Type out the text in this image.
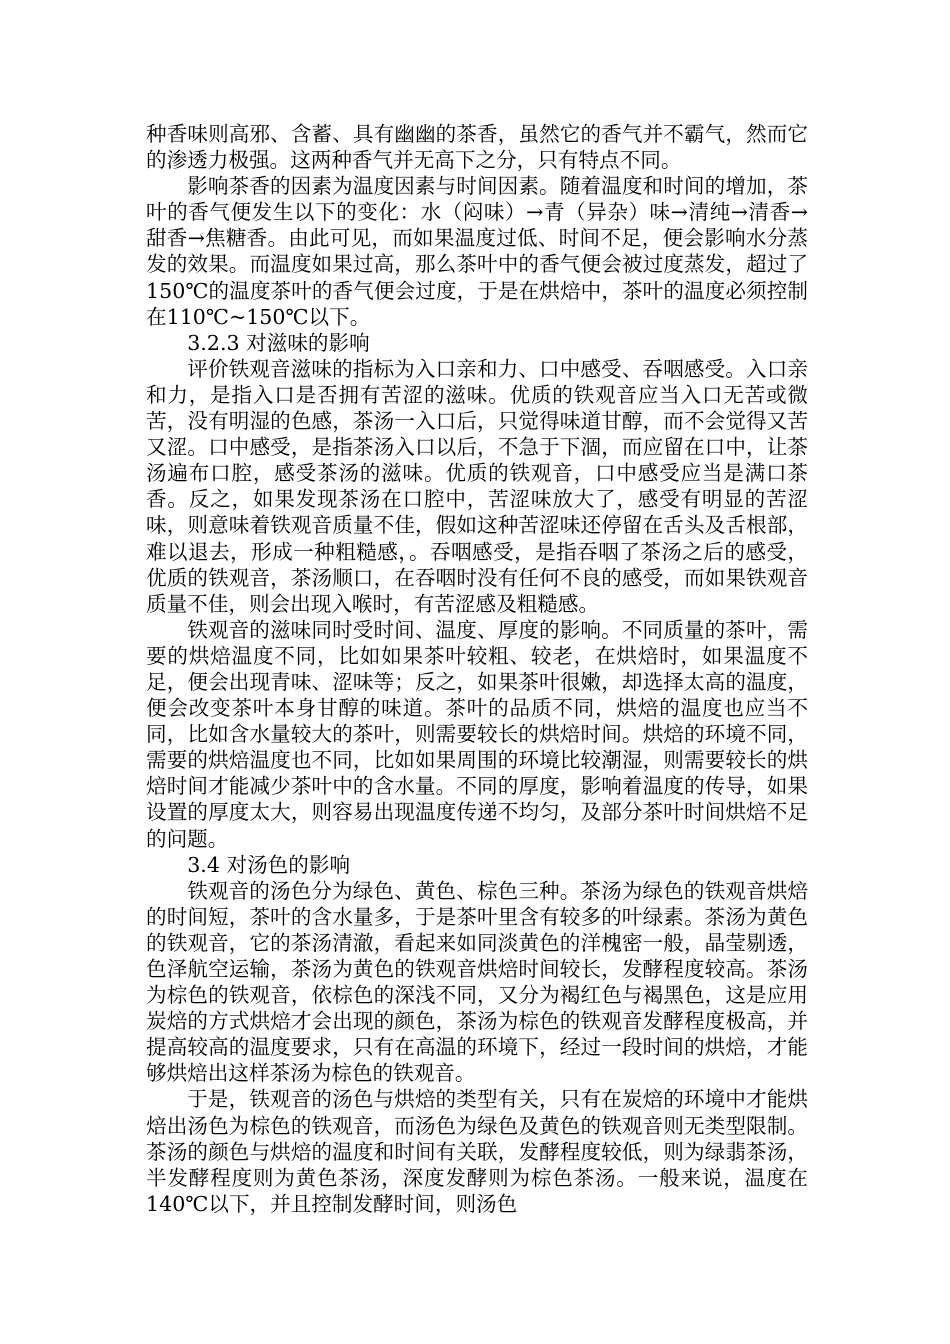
种香味则高邪、含蓄、具有幽幽的茶香，虽然它的香气并不霸气，然而它的渗透力极强。这两种香气并无高下之分，只有特点不同。

影响茶香的因素为温度因素与时间因素。随着温度和时间的增加，茶叶的香气便发生以下的变化：水（闷味）→青（异杂）味→清纯→清香→甜香→焦糖香。由此可见，而如果温度过低、时间不足，便会影响水分蒸发的效果。而温度如果过高，那么茶叶中的香气便会被过度蒸发，超过了150℃的温度茶叶的香气便会过度，于是在烘焙中，茶叶的温度必须控制在110℃~150℃以下。

3.2.3 对滋味的影响

评价铁观音滋味的指标为入口亲和力、口中感受、吞咽感受。入口亲和力，是指入口是否拥有苦涩的滋味。优质的铁观音应当入口无苦或微苦，没有明湿的色感，茶汤一入口后，只觉得味道甘醇，而不会觉得又苦又涩。口中感受，是指茶汤入口以后，不急于下涸，而应留在口中，让茶汤遍布口腔，感受茶汤的滋味。优质的铁观音，口中感受应当是满口茶香。反之，如果发现茶汤在口腔中，苦涩味放大了，感受有明显的苦涩味，则意味着铁观音质量不佳，假如这种苦涩味还停留在舌头及舌根部，难以退去，形成一种粗糙感，。吞咽感受，是指吞咽了茶汤之后的感受，优质的铁观音，茶汤顺口，在吞咽时没有任何不良的感受，而如果铁观音质量不佳，则会出现入喉时，有苦涩感及粗糙感。

铁观音的滋味同时受时间、温度、厚度的影响。不同质量的茶叶，需要的烘焙温度不同，比如如果茶叶较粗、较老，在烘焙时，如果温度不足，便会出现青味、涩味等；反之，如果茶叶很嫩，却选择太高的温度，便会改变茶叶本身甘醇的味道。茶叶的品质不同，烘焙的温度也应当不同，比如含水量较大的茶叶，则需要较长的烘焙时间。烘焙的环境不同，需要的烘焙温度也不同，比如如果周围的环境比较潮湿，则需要较长的烘焙时间才能减少茶叶中的含水量。不同的厚度，影响着温度的传导，如果设置的厚度太大，则容易出现温度传递不均匀，及部分茶叶时间烘焙不足的问题。

3.4 对汤色的影响

铁观音的汤色分为绿色、黄色、棕色三种。茶汤为绿色的铁观音烘焙的时间短，茶叶的含水量多，于是茶叶里含有较多的叶绿素。茶汤为黄色的铁观音，它的茶汤清澈，看起来如同淡黄色的洋槐密一般，晶莹剔透，色泽航空运输，茶汤为黄色的铁观音烘焙时间较长，发酵程度较高。茶汤为棕色的铁观音，依棕色的深浅不同，又分为褐红色与褐黑色，这是应用炭焙的方式烘焙才会出现的颜色，茶汤为棕色的铁观音发酵程度极高，并提高较高的温度要求，只有在高温的环境下，经过一段时间的烘焙，才能够烘焙出这样茶汤为棕色的铁观音。

于是，铁观音的汤色与烘焙的类型有关，只有在炭焙的环境中才能烘焙出汤色为棕色的铁观音，而汤色为绿色及黄色的铁观音则无类型限制。茶汤的颜色与烘焙的温度和时间有关联，发酵程度较低，则为绿翡茶汤，半发酵程度则为黄色茶汤，深度发酵则为棕色茶汤。一般来说，温度在140℃以下，并且控制发酵时间，则汤色
